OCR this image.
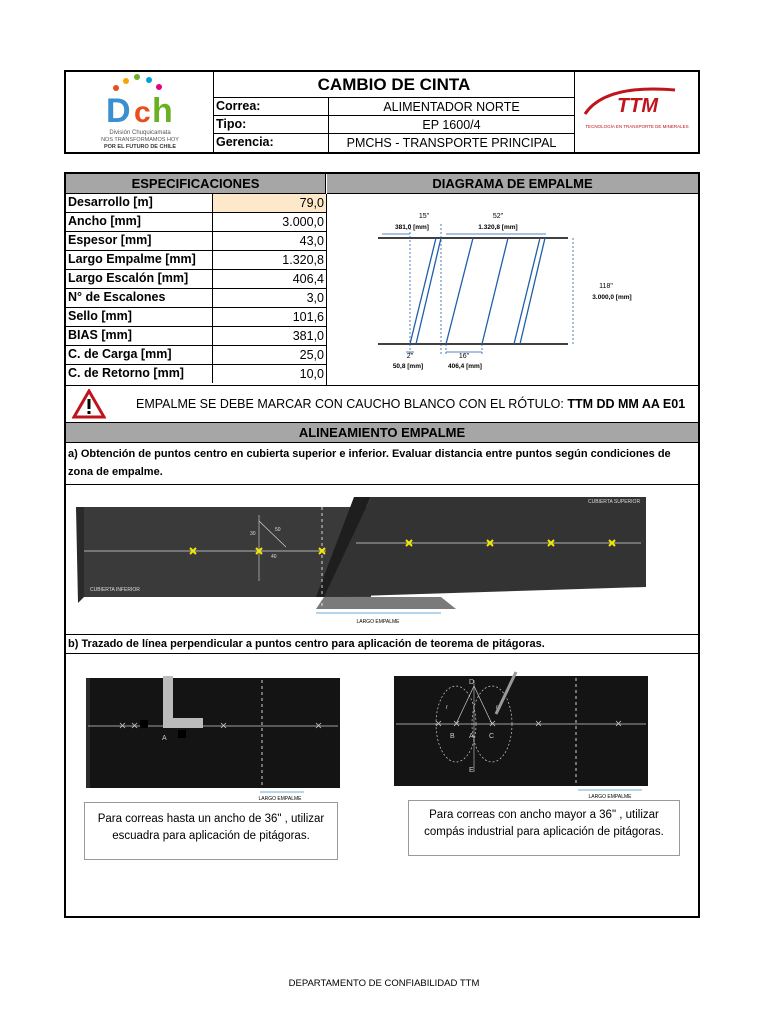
D c h
División Chuquicamata
NOS TRANSFORMAMOS HOY
POR EL FUTURO DE CHILE
CAMBIO DE CINTA
Correa:	ALIMENTADOR NORTE
Tipo:	EP 1600/4
Gerencia:	PMCHS - TRANSPORTE PRINCIPAL
TTM
TECNOLOGÍA EN TRANSPORTE DE MINERALES
ESPECIFICACIONES	DIAGRAMA DE EMPALME
Desarrollo [m]	79,0
Ancho [mm]	3.000,0
Espesor [mm]	43,0
Largo Empalme [mm]	1.320,8
Largo Escalón [mm]	406,4
N° de Escalones	3,0
Sello [mm]	101,6
BIAS [mm]	381,0
C. de Carga [mm]	25,0
C. de Retorno [mm]	10,0
15"
381,0 [mm]
52"
1.320,8 [mm]
118"
3.000,0 [mm]
2"
50,8 [mm]
16"
406,4 [mm]
EMPALME SE DEBE MARCAR CON CAUCHO BLANCO CON EL RÓTULO: TTM DD MM AA E01
ALINEAMIENTO EMPALME
a) Obtención de puntos centro en cubierta superior e inferior. Evaluar distancia entre puntos según condiciones de zona de empalme.
30
50
40
CUBIERTA INFERIOR
CUBIERTA SUPERIOR
LARGO EMPALME
b) Trazado de línea perpendicular a puntos centro para aplicación de teorema de pitágoras.
A
LARGO EMPALME
B A C
D
E
r	r
LARGO EMPALME
Para correas hasta un ancho de 36" , utilizar escuadra para aplicación de pitágoras.
Para correas con ancho mayor a 36" , utilizar compás industrial para aplicación de pitágoras.
DEPARTAMENTO DE CONFIABILIDAD TTM
